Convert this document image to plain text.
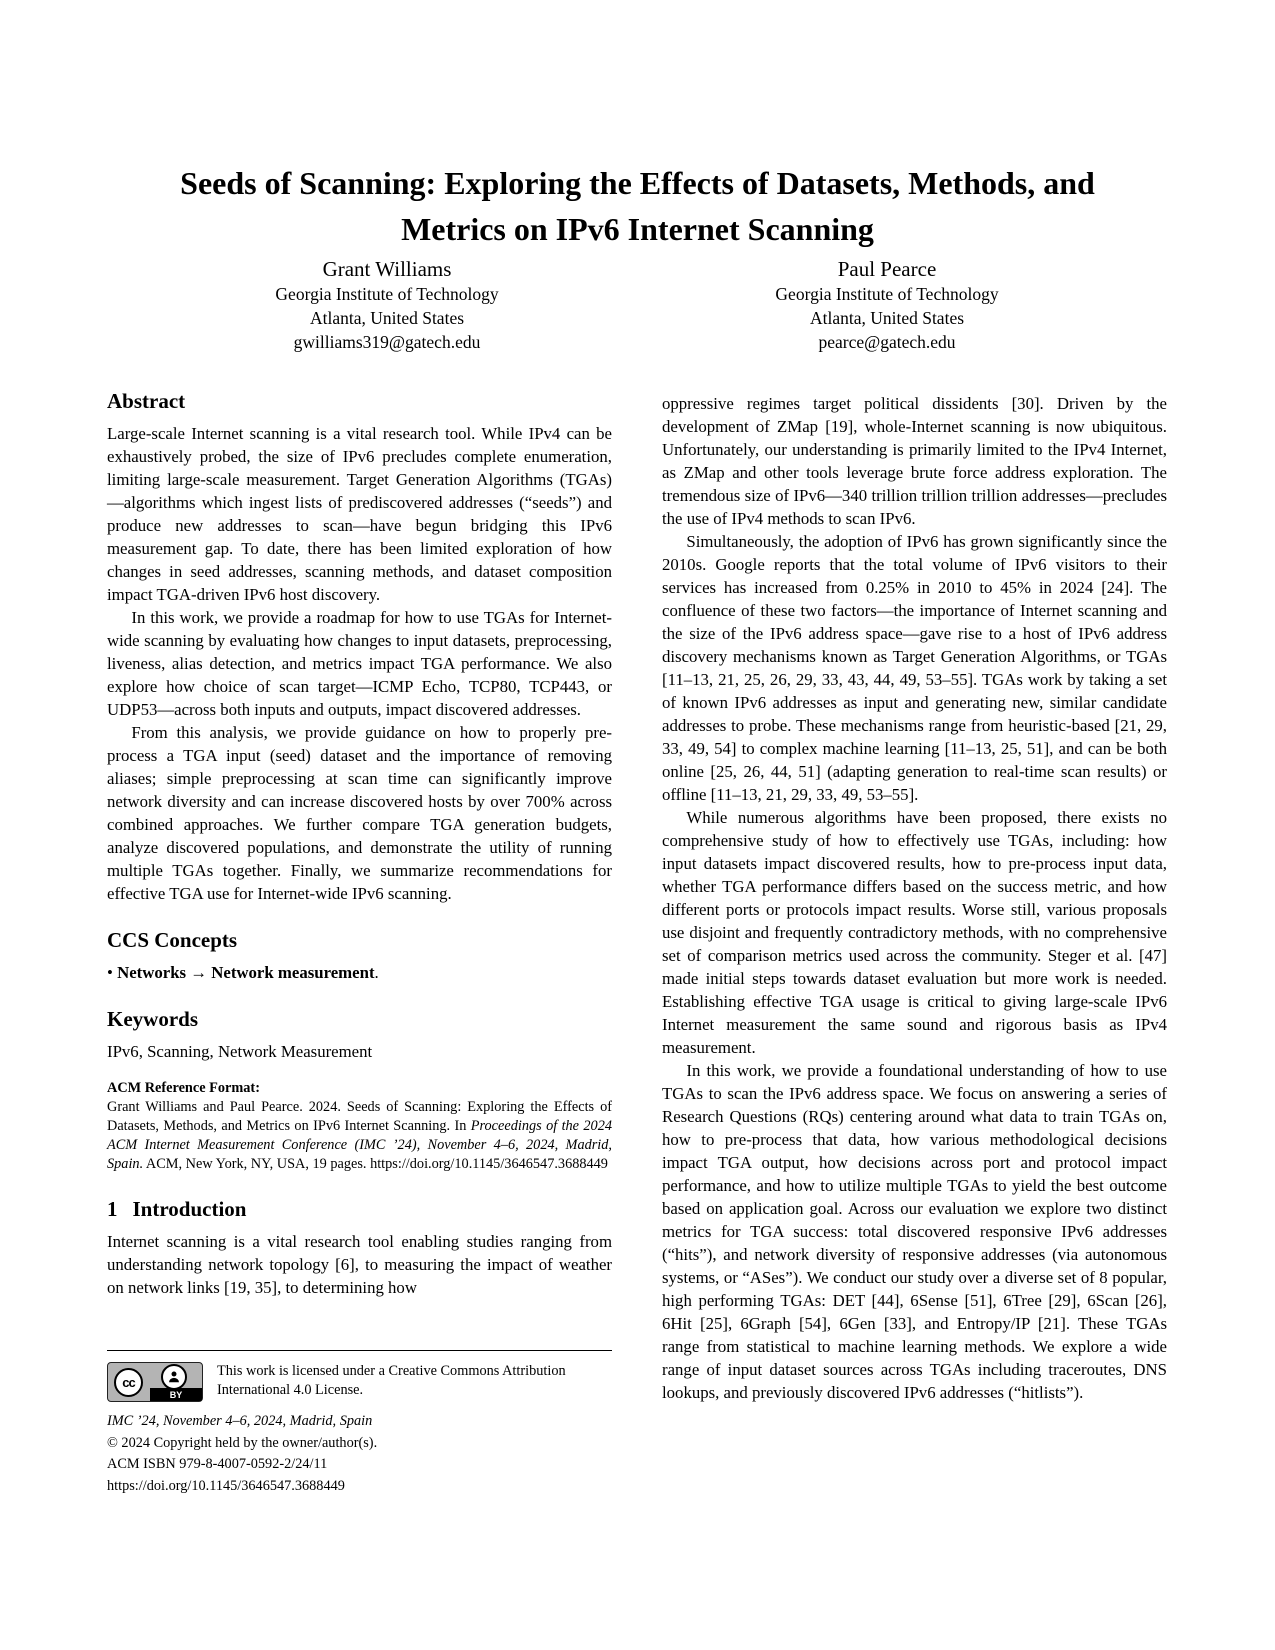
Seeds of Scanning: Exploring the Effects of Datasets, Methods, and Metrics on IPv6 Internet Scanning
Grant Williams
Georgia Institute of Technology
Atlanta, United States
gwilliams319@gatech.edu
Paul Pearce
Georgia Institute of Technology
Atlanta, United States
pearce@gatech.edu
Abstract

Large-scale Internet scanning is a vital research tool. While IPv4 can be exhaustively probed, the size of IPv6 precludes complete enumeration, limiting large-scale measurement. Target Generation Algorithms (TGAs)—algorithms which ingest lists of prediscovered addresses (“seeds”) and produce new addresses to scan—have begun bridging this IPv6 measurement gap. To date, there has been limited exploration of how changes in seed addresses, scanning methods, and dataset composition impact TGA-driven IPv6 host discovery.

In this work, we provide a roadmap for how to use TGAs for Internet-wide scanning by evaluating how changes to input datasets, preprocessing, liveness, alias detection, and metrics impact TGA performance. We also explore how choice of scan target—ICMP Echo, TCP80, TCP443, or UDP53—across both inputs and outputs, impact discovered addresses.

From this analysis, we provide guidance on how to properly pre-process a TGA input (seed) dataset and the importance of removing aliases; simple preprocessing at scan time can significantly improve network diversity and can increase discovered hosts by over 700% across combined approaches. We further compare TGA generation budgets, analyze discovered populations, and demonstrate the utility of running multiple TGAs together. Finally, we summarize recommendations for effective TGA use for Internet-wide IPv6 scanning.

CCS Concepts

• Networks → Network measurement.

Keywords

IPv6, Scanning, Network Measurement

ACM Reference Format:

Grant Williams and Paul Pearce. 2024. Seeds of Scanning: Exploring the Effects of Datasets, Methods, and Metrics on IPv6 Internet Scanning. In Proceedings of the 2024 ACM Internet Measurement Conference (IMC ’24), November 4–6, 2024, Madrid, Spain. ACM, New York, NY, USA, 19 pages. https://doi.org/10.1145/3646547.3688449

1 Introduction

Internet scanning is a vital research tool enabling studies ranging from understanding network topology [6], to measuring the impact of weather on network links [19, 35], to determining how

oppressive regimes target political dissidents [30]. Driven by the development of ZMap [19], whole-Internet scanning is now ubiquitous. Unfortunately, our understanding is primarily limited to the IPv4 Internet, as ZMap and other tools leverage brute force address exploration. The tremendous size of IPv6—340 trillion trillion trillion addresses—precludes the use of IPv4 methods to scan IPv6.

Simultaneously, the adoption of IPv6 has grown significantly since the 2010s. Google reports that the total volume of IPv6 visitors to their services has increased from 0.25% in 2010 to 45% in 2024 [24]. The confluence of these two factors—the importance of Internet scanning and the size of the IPv6 address space—gave rise to a host of IPv6 address discovery mechanisms known as Target Generation Algorithms, or TGAs [11–13, 21, 25, 26, 29, 33, 43, 44, 49, 53–55]. TGAs work by taking a set of known IPv6 addresses as input and generating new, similar candidate addresses to probe. These mechanisms range from heuristic-based [21, 29, 33, 49, 54] to complex machine learning [11–13, 25, 51], and can be both online [25, 26, 44, 51] (adapting generation to real-time scan results) or offline [11–13, 21, 29, 33, 49, 53–55].

While numerous algorithms have been proposed, there exists no comprehensive study of how to effectively use TGAs, including: how input datasets impact discovered results, how to pre-process input data, whether TGA performance differs based on the success metric, and how different ports or protocols impact results. Worse still, various proposals use disjoint and frequently contradictory methods, with no comprehensive set of comparison metrics used across the community. Steger et al. [47] made initial steps towards dataset evaluation but more work is needed. Establishing effective TGA usage is critical to giving large-scale IPv6 Internet measurement the same sound and rigorous basis as IPv4 measurement.

In this work, we provide a foundational understanding of how to use TGAs to scan the IPv6 address space. We focus on answering a series of Research Questions (RQs) centering around what data to train TGAs on, how to pre-process that data, how various methodological decisions impact TGA output, how decisions across port and protocol impact performance, and how to utilize multiple TGAs to yield the best outcome based on application goal. Across our evaluation we explore two distinct metrics for TGA success: total discovered responsive IPv6 addresses (“hits”), and network diversity of responsive addresses (via autonomous systems, or “ASes”). We conduct our study over a diverse set of 8 popular, high performing TGAs: DET [44], 6Sense [51], 6Tree [29], 6Scan [26], 6Hit [25], 6Graph [54], 6Gen [33], and Entropy/IP [21]. These TGAs range from statistical to machine learning methods. We explore a wide range of input dataset sources across TGAs including traceroutes, DNS lookups, and previously discovered IPv6 addresses (“hitlists”).

cc
BY

This work is licensed under a Creative Commons Attribution International 4.0 License.

IMC ’24, November 4–6, 2024, Madrid, Spain

© 2024 Copyright held by the owner/author(s).

ACM ISBN 979-8-4007-0592-2/24/11

https://doi.org/10.1145/3646547.3688449
